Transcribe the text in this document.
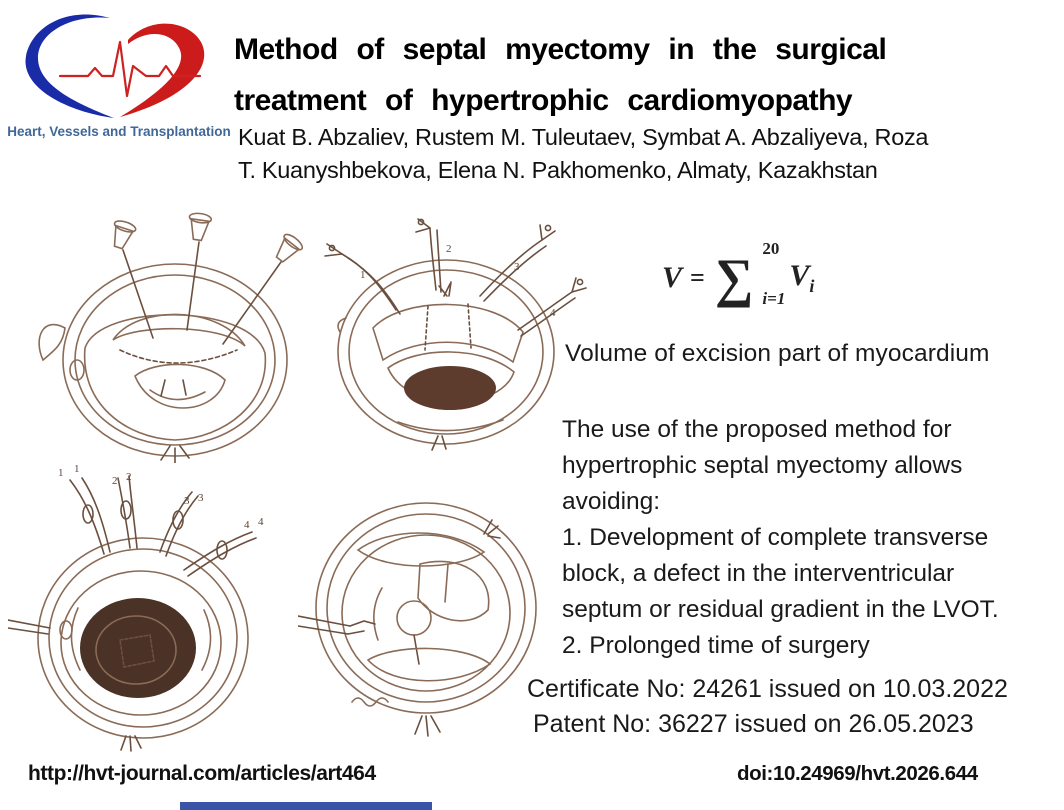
Heart, Vessels and Transplantation
Method of septal myectomy in the surgical
treatment of hypertrophic cardiomyopathy
Kuat B. Abzaliev, Rustem M. Tuleutaev, Symbat A. Abzaliyeva, Roza
T. Kuanyshbekova, Elena N. Pakhomenko, Almaty, Kazakhstan
1
2
3
4
1 1
2 2
3 3
4 4
V = ∑ 20
i=1
$V_i$
Volume of excision part of myocardium
The use of the proposed method for
hypertrophic septal myectomy allows
avoiding:
1. Development of complete transverse
block, a defect in the interventricular
septum or residual gradient in the LVOT.
2. Prolonged time of surgery
Certificate No: 24261 issued on 10.03.2022
Patent No: 36227 issued on 26.05.2023
http://hvt-journal.com/articles/art464	doi:10.24969/hvt.2026.644
